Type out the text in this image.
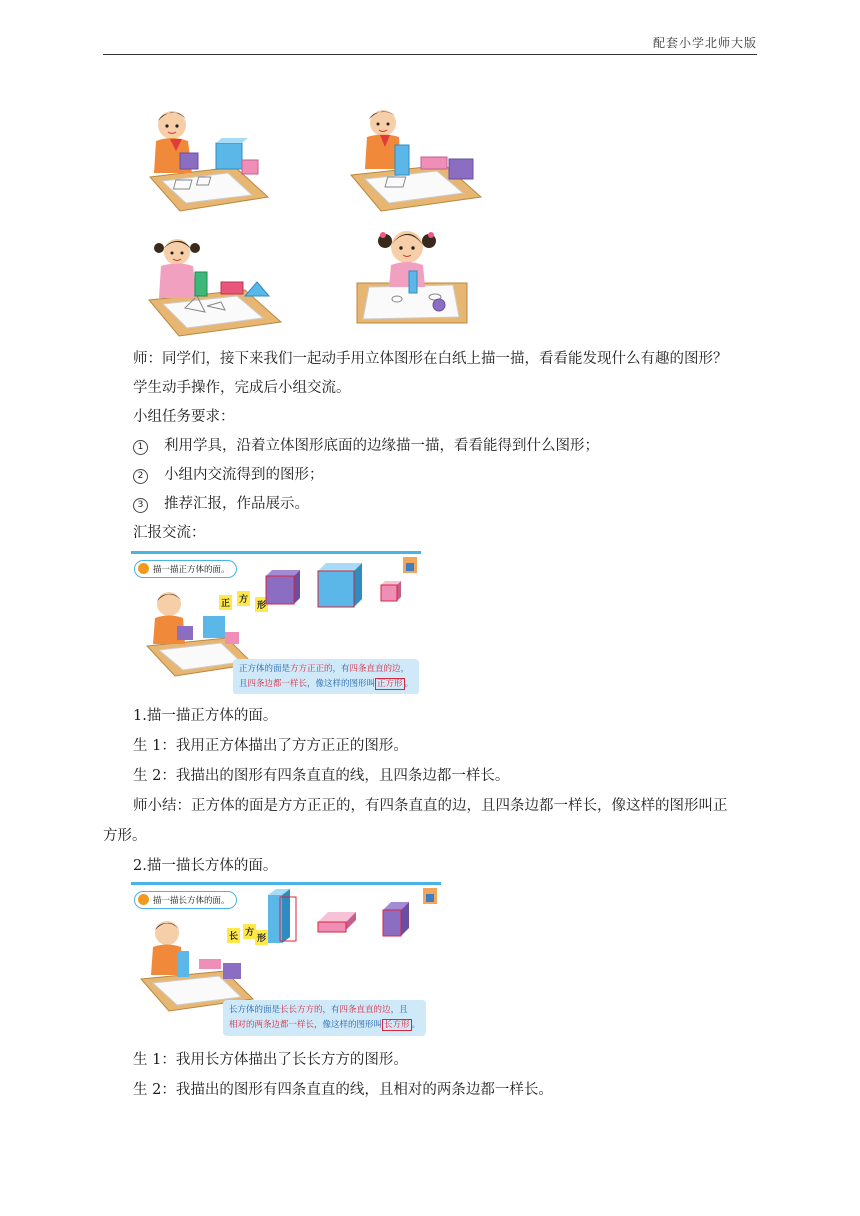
配套小学北师大版
师：同学们，接下来我们一起动手用立体图形在白纸上描一描，看看能发现什么有趣的图形？
学生动手操作，完成后小组交流。
小组任务要求：
1 利用学具，沿着立体图形底面的边缘描一描，看看能得到什么图形；
2 小组内交流得到的图形；
3 推荐汇报，作品展示。
汇报交流：
描一描正方体的面。
正 方
形
正方体的面是方方正正的，有四条直直的边，
且四条边都一样长，像这样的图形叫 正方形 。
1.描一描正方体的面。
生 1：我用正方体描出了方方正正的图形。
生 2：我描出的图形有四条直直的线，且四条边都一样长。
师小结：正方体的面是方方正正的，有四条直直的边，且四条边都一样长，像这样的图形叫正
方形。
2.描一描长方体的面。
描一描长方体的面。
长 方
形
长方体的面是长长方方的，有四条直直的边，且
相对的两条边都一样长，像这样的图形叫 长方形 。
生 1：我用长方体描出了长长方方的图形。
生 2：我描出的图形有四条直直的线，且相对的两条边都一样长。
